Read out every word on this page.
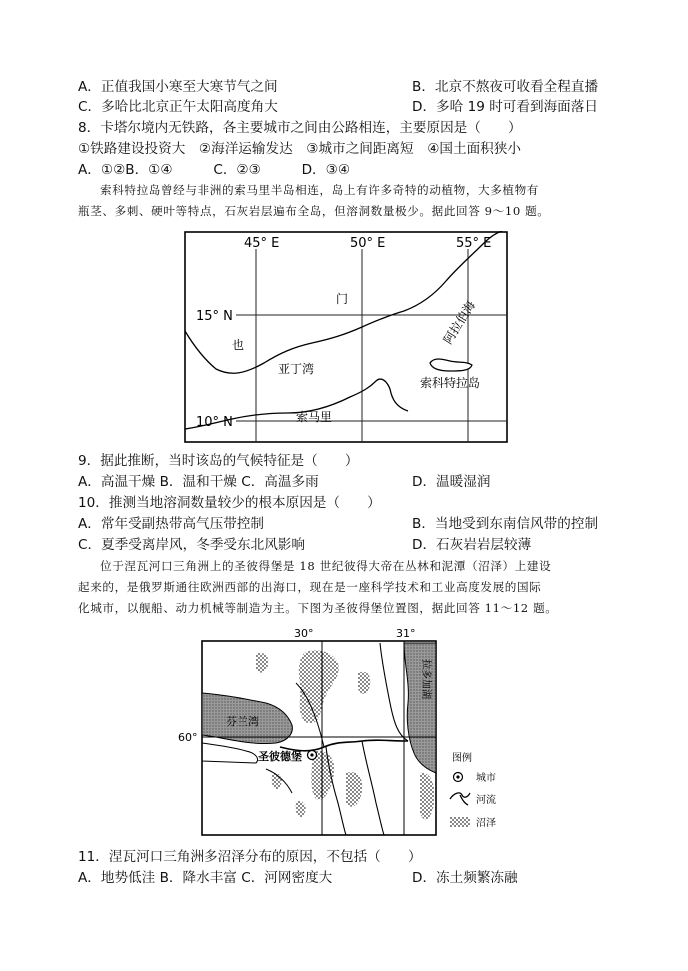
A．正值我国小寒至大寒节气之间	B．北京不熬夜可收看全程直播
C．多哈比北京正午太阳高度角大	D．多哈 19 时可看到海面落日
8．卡塔尔境内无铁路，各主要城市之间由公路相连，主要原因是（　　）
①铁路建设投资大　②海洋运输发达　③城市之间距离短　④国土面积狭小
A．①②B．①④　　　C．②③　　　D．③④
索科特拉岛曾经与非洲的索马里半岛相连，岛上有许多奇特的动植物，大多植物有
瓶茎、多刺、硬叶等特点，石灰岩层遍布全岛，但溶洞数量极少。据此回答 9～10 题。
45° E	50° E	55° E
15° N
10° N
门
也
亚丁湾
阿拉伯海
索科特拉岛
索马里
9．据此推断，当时该岛的气候特征是（　　）
A．高温干燥 B．温和干燥 C．高温多雨	D．温暖湿润
10．推测当地溶洞数量较少的根本原因是（　　）
A．常年受副热带高气压带控制	B．当地受到东南信风带的控制
C．夏季受离岸风，冬季受东北风影响	D．石灰岩岩层较薄
位于涅瓦河口三角洲上的圣彼得堡是 18 世纪彼得大帝在丛林和泥潭（沼泽）上建设
起来的，是俄罗斯通往欧洲西部的出海口，现在是一座科学技术和工业高度发展的国际
化城市，以舰船、动力机械等制造为主。下图为圣彼得堡位置图，据此回答 11～12 题。
30°	31°
60°
芬兰湾
圣彼德堡
拉多加湖
图例
城市
河流
沼泽
11．涅瓦河口三角洲多沼泽分布的原因，不包括（　　）
A．地势低洼 B．降水丰富 C．河网密度大	D．冻土频繁冻融
